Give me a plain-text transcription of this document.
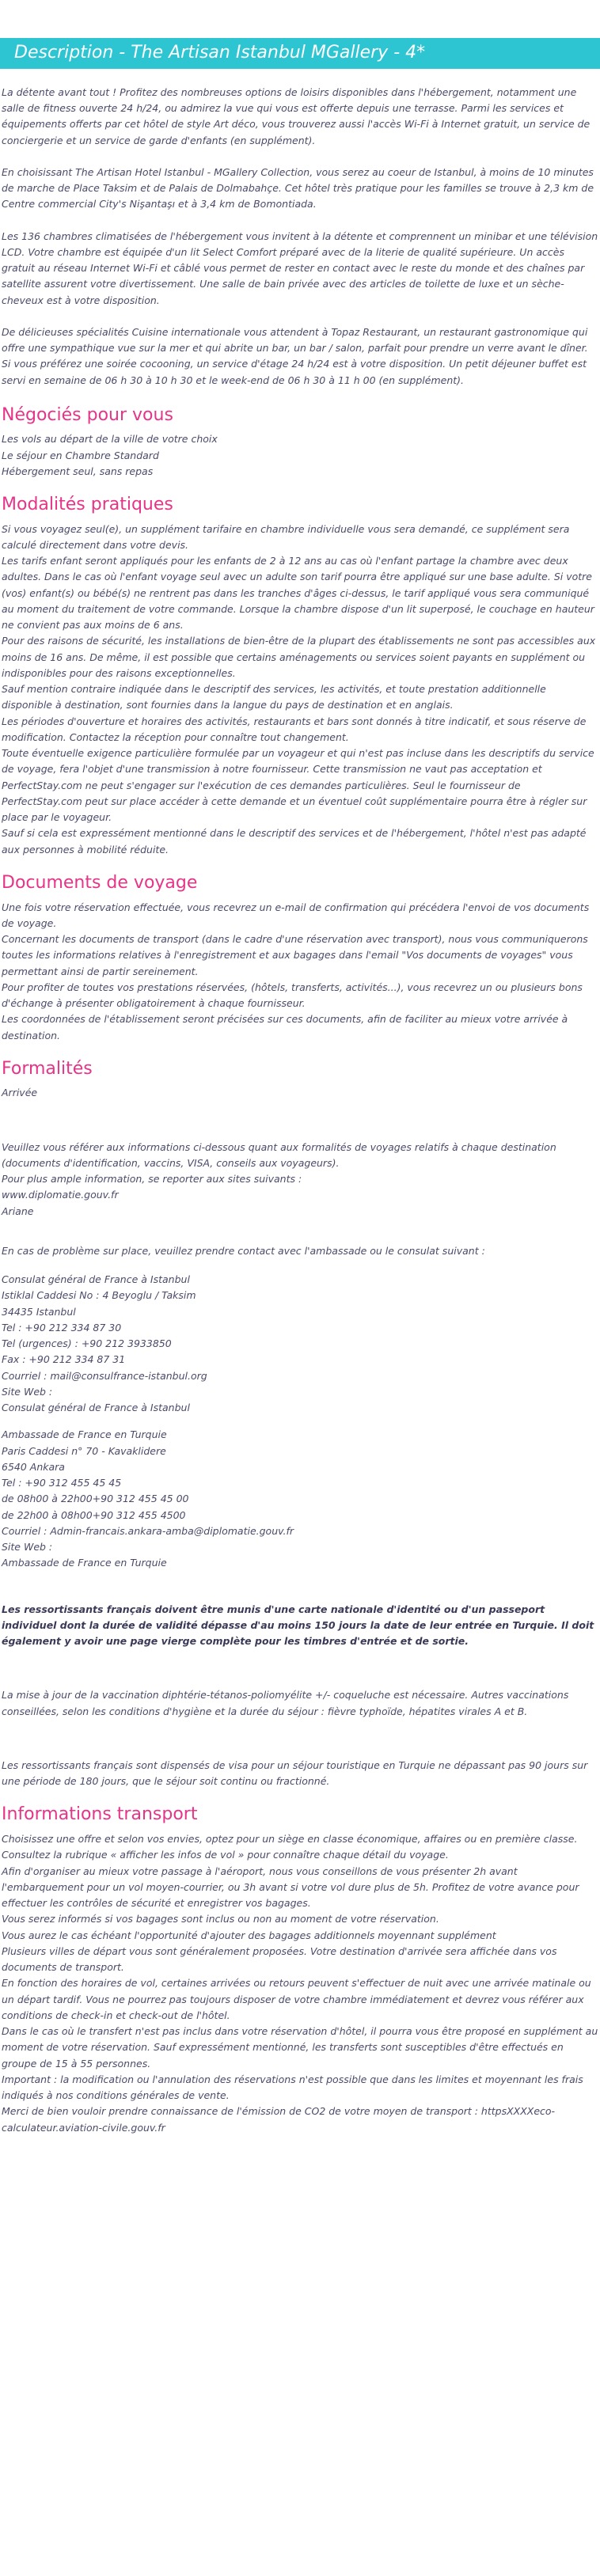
Description - The Artisan Istanbul MGallery - 4*

La détente avant tout ! Profitez des nombreuses options de loisirs disponibles dans l'hébergement, notamment une salle de fitness ouverte 24 h/24, ou admirez la vue qui vous est offerte depuis une terrasse. Parmi les services et équipements offerts par cet hôtel de style Art déco, vous trouverez aussi l'accès Wi-Fi à Internet gratuit, un service de conciergerie et un service de garde d'enfants (en supplément).

En choisissant The Artisan Hotel Istanbul - MGallery Collection, vous serez au coeur de Istanbul, à moins de 10 minutes de marche de Place Taksim et de Palais de Dolmabahçe. Cet hôtel très pratique pour les familles se trouve à 2,3 km de Centre commercial City's Nişantaşı et à 3,4 km de Bomontiada.

Les 136 chambres climatisées de l'hébergement vous invitent à la détente et comprennent un minibar et une télévision LCD. Votre chambre est équipée d'un lit Select Comfort préparé avec de la literie de qualité supérieure. Un accès gratuit au réseau Internet Wi-Fi et câblé vous permet de rester en contact avec le reste du monde et des chaînes par satellite assurent votre divertissement. Une salle de bain privée avec des articles de toilette de luxe et un sèche-cheveux est à votre disposition.

De délicieuses spécialités Cuisine internationale vous attendent à Topaz Restaurant, un restaurant gastronomique qui offre une sympathique vue sur la mer et qui abrite un bar, un bar / salon, parfait pour prendre un verre avant le dîner. Si vous préférez une soirée cocooning, un service d'étage 24 h/24 est à votre disposition. Un petit déjeuner buffet est servi en semaine de 06 h 30 à 10 h 30 et le week-end de 06 h 30 à 11 h 00 (en supplément).

Négociés pour vous
Les vols au départ de la ville de votre choix
Le séjour en Chambre Standard
Hébergement seul, sans repas
Modalités pratiques
Si vous voyagez seul(e), un supplément tarifaire en chambre individuelle vous sera demandé, ce supplément sera calculé directement dans votre devis.
Les tarifs enfant seront appliqués pour les enfants de 2 à 12 ans au cas où l'enfant partage la chambre avec deux adultes. Dans le cas où l'enfant voyage seul avec un adulte son tarif pourra être appliqué sur une base adulte. Si votre (vos) enfant(s) ou bébé(s) ne rentrent pas dans les tranches d'âges ci-dessus, le tarif appliqué vous sera communiqué au moment du traitement de votre commande. Lorsque la chambre dispose d'un lit superposé, le couchage en hauteur ne convient pas aux moins de 6 ans.
Pour des raisons de sécurité, les installations de bien-être de la plupart des établissements ne sont pas accessibles aux moins de 16 ans. De même, il est possible que certains aménagements ou services soient payants en supplément ou indisponibles pour des raisons exceptionnelles.
Sauf mention contraire indiquée dans le descriptif des services, les activités, et toute prestation additionnelle disponible à destination, sont fournies dans la langue du pays de destination et en anglais.
Les périodes d'ouverture et horaires des activités, restaurants et bars sont donnés à titre indicatif, et sous réserve de modification. Contactez la réception pour connaître tout changement.
Toute éventuelle exigence particulière formulée par un voyageur et qui n'est pas incluse dans les descriptifs du service de voyage, fera l'objet d'une transmission à notre fournisseur. Cette transmission ne vaut pas acceptation et PerfectStay.com ne peut s'engager sur l'exécution de ces demandes particulières. Seul le fournisseur de PerfectStay.com peut sur place accéder à cette demande et un éventuel coût supplémentaire pourra être à régler sur place par le voyageur.
Sauf si cela est expressément mentionné dans le descriptif des services et de l'hébergement, l'hôtel n'est pas adapté aux personnes à mobilité réduite.
Documents de voyage
Une fois votre réservation effectuée, vous recevrez un e-mail de confirmation qui précédera l'envoi de vos documents de voyage.
Concernant les documents de transport (dans le cadre d'une réservation avec transport), nous vous communiquerons toutes les informations relatives à l'enregistrement et aux bagages dans l'email "Vos documents de voyages" vous permettant ainsi de partir sereinement.
Pour profiter de toutes vos prestations réservées, (hôtels, transferts, activités...), vous recevrez un ou plusieurs bons d'échange à présenter obligatoirement à chaque fournisseur.
Les coordonnées de l'établissement seront précisées sur ces documents, afin de faciliter au mieux votre arrivée à destination.
Formalités
Arrivée
Veuillez vous référer aux informations ci-dessous quant aux formalités de voyages relatifs à chaque destination (documents d'identification, vaccins, VISA, conseils aux voyageurs).
Pour plus ample information, se reporter aux sites suivants :
www.diplomatie.gouv.fr
Ariane
En cas de problème sur place, veuillez prendre contact avec l'ambassade ou le consulat suivant :
Consulat général de France à Istanbul
Istiklal Caddesi No : 4 Beyoglu / Taksim
34435 Istanbul
Tel : +90 212 334 87 30
Tel (urgences) : +90 212 3933850
Fax : +90 212 334 87 31
Courriel : mail@consulfrance-istanbul.org
Site Web :
Consulat général de France à Istanbul
Ambassade de France en Turquie
Paris Caddesi n° 70 - Kavaklidere
6540 Ankara
Tel : +90 312 455 45 45
de 08h00 à 22h00+90 312 455 45 00
de 22h00 à 08h00+90 312 455 4500
Courriel : Admin-francais.ankara-amba@diplomatie.gouv.fr
Site Web :
Ambassade de France en Turquie
Les ressortissants français doivent être munis d'une carte nationale d'identité ou d'un passeport individuel dont la durée de validité dépasse d'au moins 150 jours la date de leur entrée en Turquie. Il doit également y avoir une page vierge complète pour les timbres d'entrée et de sortie.
La mise à jour de la vaccination diphtérie-tétanos-poliomyélite +/- coqueluche est nécessaire. Autres vaccinations conseillées, selon les conditions d'hygiène et la durée du séjour : fièvre typhoïde, hépatites virales A et B.
Les ressortissants français sont dispensés de visa pour un séjour touristique en Turquie ne dépassant pas 90 jours sur une période de 180 jours, que le séjour soit continu ou fractionné.
Informations transport
Choisissez une offre et selon vos envies, optez pour un siège en classe économique, affaires ou en première classe.
Consultez la rubrique « afficher les infos de vol » pour connaître chaque détail du voyage.
Afin d'organiser au mieux votre passage à l'aéroport, nous vous conseillons de vous présenter 2h avant l'embarquement pour un vol moyen-courrier, ou 3h avant si votre vol dure plus de 5h. Profitez de votre avance pour effectuer les contrôles de sécurité et enregistrer vos bagages.
Vous serez informés si vos bagages sont inclus ou non au moment de votre réservation.
Vous aurez le cas échéant l'opportunité d'ajouter des bagages additionnels moyennant supplément
Plusieurs villes de départ vous sont généralement proposées. Votre destination d'arrivée sera affichée dans vos documents de transport.
En fonction des horaires de vol, certaines arrivées ou retours peuvent s'effectuer de nuit avec une arrivée matinale ou un départ tardif. Vous ne pourrez pas toujours disposer de votre chambre immédiatement et devrez vous référer aux conditions de check-in et check-out de l'hôtel.
Dans le cas où le transfert n'est pas inclus dans votre réservation d'hôtel, il pourra vous être proposé en supplément au moment de votre réservation. Sauf expressément mentionné, les transferts sont susceptibles d'être effectués en groupe de 15 à 55 personnes.
Important : la modification ou l'annulation des réservations n'est possible que dans les limites et moyennant les frais indiqués à nos conditions générales de vente.
Merci de bien vouloir prendre connaissance de l'émission de CO2 de votre moyen de transport : httpsXXXXeco-calculateur.aviation-civile.gouv.fr
